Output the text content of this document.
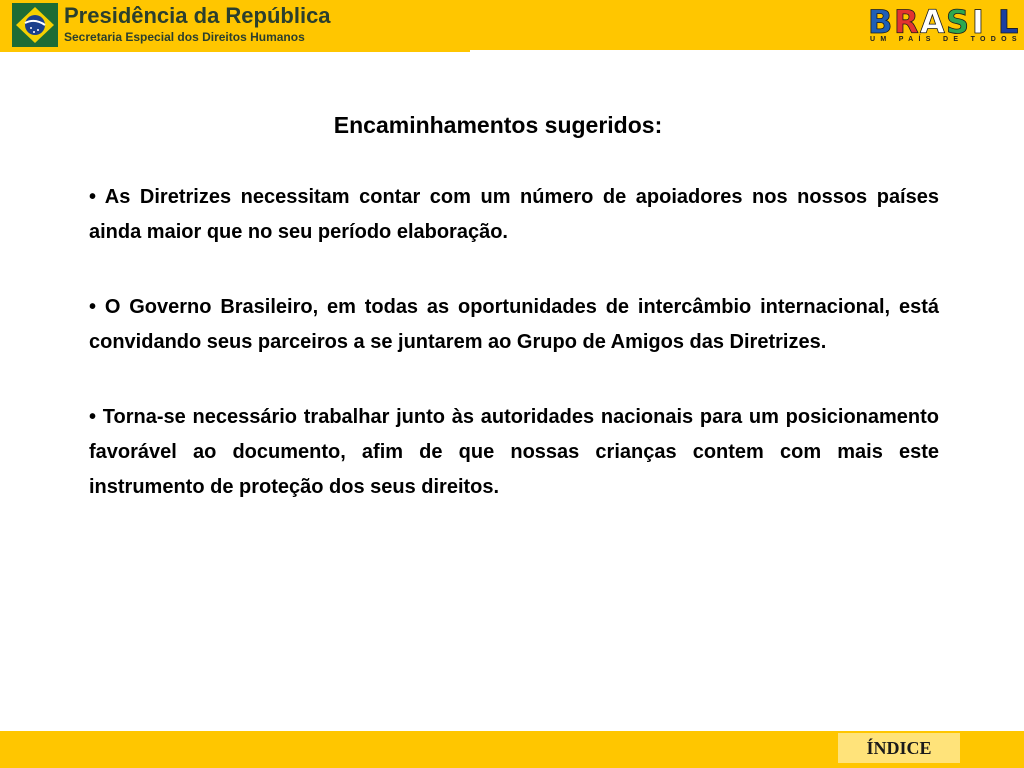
Presidência da República
Secretaria Especial dos Direitos Humanos	B R A S I L
UM PAÍS DE TODOS
Encaminhamentos sugeridos:

• As Diretrizes necessitam contar com um número de apoiadores nos nossos países ainda maior que no seu período elaboração.

• O Governo Brasileiro, em todas as oportunidades de intercâmbio internacional, está convidando seus parceiros a se juntarem ao Grupo de Amigos das Diretrizes.

• Torna-se necessário trabalhar junto às autoridades nacionais para um posicionamento favorável ao documento, afim de que nossas crianças contem com mais este instrumento de proteção dos seus direitos.

ÍNDICE
